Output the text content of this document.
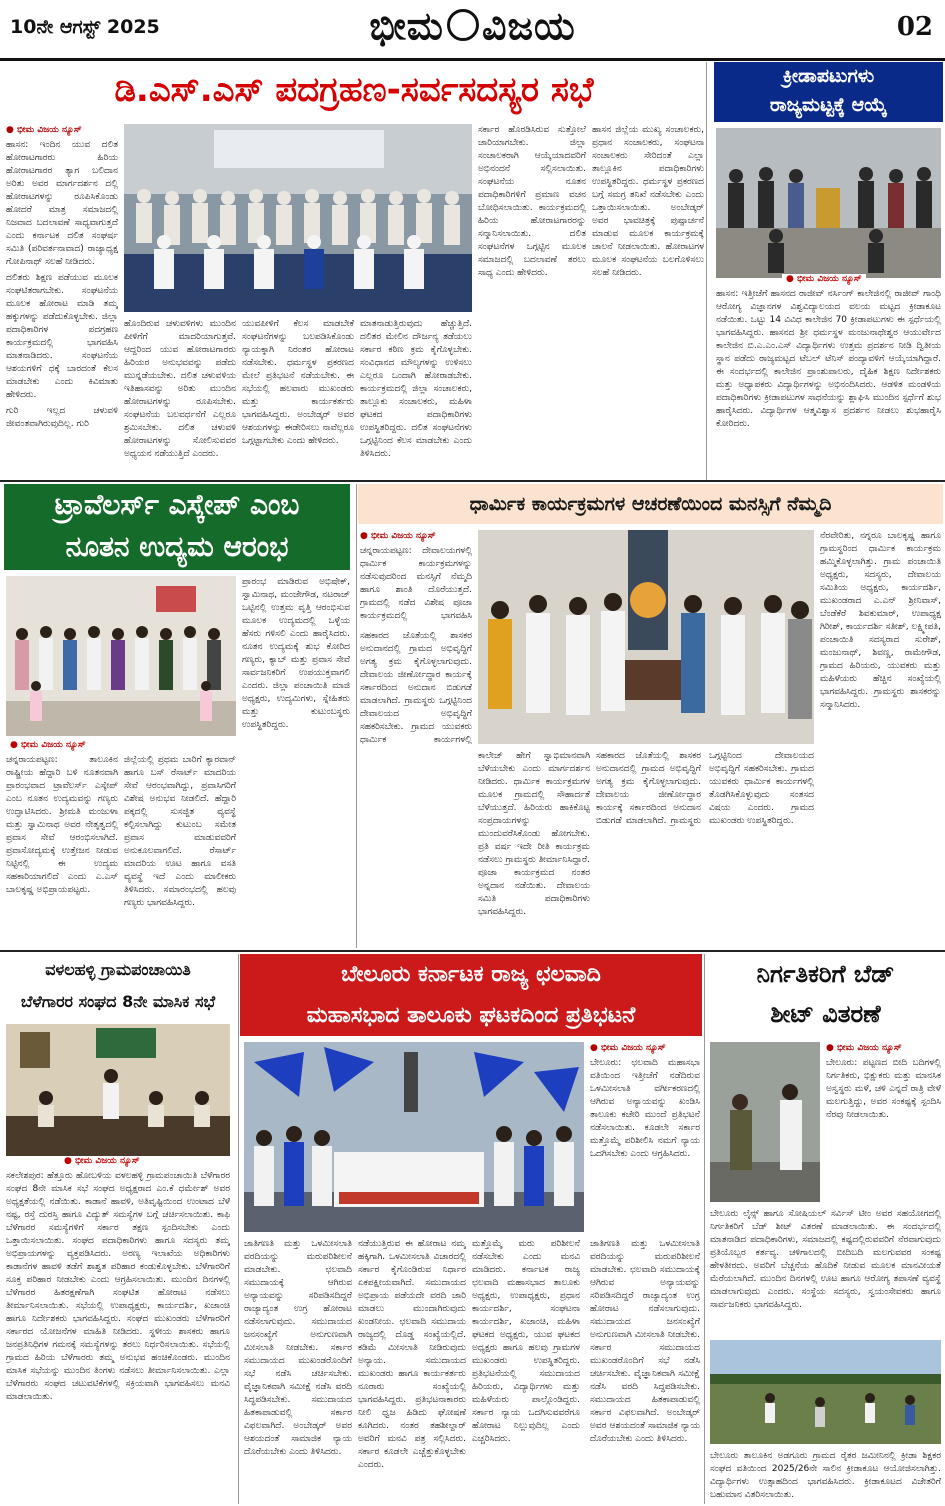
10ನೇ ಆಗಸ್ಟ್ 2025	ಭೀಮ ವಿಜಯ	02
ಡಿ.ಎಸ್.ಎಸ್ ಪದಗ್ರಹಣ-ಸರ್ವಸದಸ್ಯರ ಸಭೆ
● ಭೀಮ ವಿಜಯ ನ್ಯೂಸ್

ಹಾಸನ: ಇಂದಿನ ಯುವ ದಲಿತ ಹೋರಾಟಗಾರರು ಹಿರಿಯ ಹೋರಾಟಗಾರರ ತ್ಯಾಗ ಬಲಿದಾನ ಅರಿತು ಅವರ ಮಾರ್ಗದರ್ಶನ ದಲ್ಲಿ ಹೋರಾಟಗಳನ್ನು ರೂಪಿಸಿಕೊಂಡು ಹೋದರೆ ಮಾತ್ರ ಸಮಾಜದಲ್ಲಿ ನಿಜವಾದ ಬದಲಾವಣೆ ಸಾಧ್ಯವಾಗುತ್ತದೆ ಎಂದು ಕರ್ನಾಟಕ ದಲಿತ ಸಂಘರ್ಷ ಸಮಿತಿ (ಪರಿವರ್ತನಾವಾದ) ರಾಜ್ಯಾಧ್ಯಕ್ಷ ಗೋಪಿನಾಥ್ ಸಲಹೆ ನೀಡಿದರು.

ದಲಿತರು ಶಿಕ್ಷಣ ಪಡೆಯುವ ಮೂಲಕ ಸಂಘಟಿತರಾಗಬೇಕು. ಸಂಘಟನೆಯ ಮೂಲಕ ಹೋರಾಟ ಮಾಡಿ ತಮ್ಮ ಹಕ್ಕುಗಳನ್ನು ಪಡೆದುಕೊಳ್ಳಬೇಕು. ಜಿಲ್ಲಾ ಪದಾಧಿಕಾರಿಗಳ ಪದಗ್ರಹಣ ಕಾರ್ಯಕ್ರಮದಲ್ಲಿ ಭಾಗವಹಿಸಿ ಮಾತನಾಡಿದರು. ಸಂಘಟನೆಯ ಆಶಯಗಳಿಗೆ ಧಕ್ಕೆ ಬಾರದಂತೆ ಕೆಲಸ ಮಾಡಬೇಕು ಎಂದು ಕಿವಿಮಾತು ಹೇಳಿದರು.

ಗುರಿ ಇಲ್ಲದ ಚಳುವಳಿ ಜೀವಂತವಾಗಿರುವುದಿಲ್ಲ. ಗುರಿ

ಸರ್ಕಾರ ಹೊರಡಿಸಿರುವ ಸುತ್ತೋಲೆ ಜಾರಿಯಾಗಬೇಕು. ಜಿಲ್ಲಾ ಸಂಚಾಲಕರಾಗಿ ಆಯ್ಕೆಯಾದವರಿಗೆ ಅಭಿನಂದನೆ ಸಲ್ಲಿಸಲಾಯಿತು. ಸಂಘಟನೆಯ ನೂತನ ಪದಾಧಿಕಾರಿಗಳಿಗೆ ಪ್ರಮಾಣ ವಚನ ಬೋಧಿಸಲಾಯಿತು. ಕಾರ್ಯಕ್ರಮದಲ್ಲಿ ಹಿರಿಯ ಹೋರಾಟಗಾರರನ್ನು ಸನ್ಮಾನಿಸಲಾಯಿತು. ದಲಿತ ಸಂಘಟನೆಗಳ ಒಗ್ಗಟ್ಟಿನ ಮೂಲಕ ಸಮಾಜದಲ್ಲಿ ಬದಲಾವಣೆ ತರಲು ಸಾಧ್ಯ ಎಂದು ಹೇಳಿದರು.

ಹಾಸನ ಜಿಲ್ಲೆಯ ಮುಖ್ಯ ಸಂಚಾಲಕರು, ಪ್ರಧಾನ ಸಂಚಾಲಕರು, ಸಂಘಟನಾ ಸಂಚಾಲಕರು ಸೇರಿದಂತೆ ಎಲ್ಲಾ ತಾಲ್ಲೂಕಿನ ಪದಾಧಿಕಾರಿಗಳು ಉಪಸ್ಥಿತರಿದ್ದರು. ಧರ್ಮಸ್ಥಳ ಪ್ರಕರಣದ ಬಗ್ಗೆ ಸಮಗ್ರ ತನಿಖೆ ನಡೆಸಬೇಕು ಎಂದು ಒತ್ತಾಯಿಸಲಾಯಿತು. ಅಂಬೇಡ್ಕರ್ ಅವರ ಭಾವಚಿತ್ರಕ್ಕೆ ಪುಷ್ಪಾರ್ಚನೆ ಮಾಡುವ ಮೂಲಕ ಕಾರ್ಯಕ್ರಮಕ್ಕೆ ಚಾಲನೆ ನೀಡಲಾಯಿತು. ಹೋರಾಟಗಳ ಮೂಲಕ ಸಂಘಟನೆಯ ಬಲಗೊಳಿಸಲು ಸಲಹೆ ನೀಡಿದರು.

ಹೊಂದಿರುವ ಚಳುವಳಿಗಳು ಮುಂದಿನ ಪೀಳಿಗೆಗೆ ಮಾದರಿಯಾಗುತ್ತವೆ. ಆದ್ದರಿಂದ ಯುವ ಹೋರಾಟಗಾರರು ಹಿರಿಯರ ಅನುಭವವನ್ನು ಪಡೆದು ಮುನ್ನಡೆಯಬೇಕು. ದಲಿತ ಚಳುವಳಿಯ ಇತಿಹಾಸವನ್ನು ಅರಿತು ಮುಂದಿನ ಹೋರಾಟಗಳನ್ನು ರೂಪಿಸಬೇಕು. ಸಂಘಟನೆಯ ಬಲವರ್ಧನೆಗೆ ಎಲ್ಲರೂ ಶ್ರಮಿಸಬೇಕು. ದಲಿತ ಚಳುವಳಿ ಹೋರಾಟಗಳನ್ನು ಸೋಲಿಸುವವರ ಅಧ್ಯಯನ ನಡೆಯುತ್ತಿದೆ ಎಂದರು.

ಯುವಪೀಳಿಗೆ ಕೆಲಸ ಮಾಡಬೇಕೆ ಸಂಘಟನೆಗಳನ್ನು ಬಲಪಡಿಸಿಕೊಂಡು ನ್ಯಾಯಕ್ಕಾಗಿ ನಿರಂತರ ಹೋರಾಟ ನಡೆಸಬೇಕು. ಧರ್ಮಸ್ಥಳ ಪ್ರಕರಣದ ಮೇಲೆ ಪ್ರತಿಭಟನೆ ನಡೆಯಬೇಕು. ಈ ಸಭೆಯಲ್ಲಿ ಹಲವಾರು ಮುಖಂಡರು ಮತ್ತು ಕಾರ್ಯಕರ್ತರು ಭಾಗವಹಿಸಿದ್ದರು. ಅಂಬೇಡ್ಕರ್ ಅವರ ಆಶಯಗಳನ್ನು ಈಡೇರಿಸಲು ನಾವೆಲ್ಲರೂ ಒಗ್ಗಟ್ಟಾಗಬೇಕು ಎಂದು ಹೇಳಿದರು.

ಮಾತನಾಡುತ್ತಿರುವುದು ಹೆಚ್ಚುತ್ತಿದೆ. ದಲಿತರ ಮೇಲಿನ ದೌರ್ಜನ್ಯ ತಡೆಯಲು ಸರ್ಕಾರ ಕಠಿಣ ಕ್ರಮ ಕೈಗೊಳ್ಳಬೇಕು. ಸಂವಿಧಾನದ ಮೌಲ್ಯಗಳನ್ನು ಉಳಿಸಲು ಎಲ್ಲರೂ ಒಂದಾಗಿ ಹೋರಾಡಬೇಕು. ಕಾರ್ಯಕ್ರಮದಲ್ಲಿ ಜಿಲ್ಲಾ ಸಂಚಾಲಕರು, ತಾಲ್ಲೂಕು ಸಂಚಾಲಕರು, ಮಹಿಳಾ ಘಟಕದ ಪದಾಧಿಕಾರಿಗಳು ಉಪಸ್ಥಿತರಿದ್ದರು. ದಲಿತ ಸಂಘಟನೆಗಳು ಒಗ್ಗಟ್ಟಿನಿಂದ ಕೆಲಸ ಮಾಡಬೇಕು ಎಂದು ತಿಳಿಸಿದರು.

ಕ್ರೀಡಾಪಟುಗಳು
ರಾಜ್ಯಮಟ್ಟಕ್ಕೆ ಆಯ್ಕೆ
● ಭೀಮ ವಿಜಯ ನ್ಯೂಸ್

ಹಾಸನ: ಇತ್ತೀಚೆಗೆ ಹಾಸನದ ರಾಜೀವ್ ನರ್ಸಿಂಗ್ ಕಾಲೇಜಿನಲ್ಲಿ ರಾಜೀವ್ ಗಾಂಧಿ ಆರೋಗ್ಯ ವಿಜ್ಞಾನಗಳ ವಿಶ್ವವಿದ್ಯಾಲಯದ ವಲಯ ಮಟ್ಟದ ಕ್ರೀಡಾಕೂಟ ನಡೆಯಿತು. ಒಟ್ಟು 14 ವಿವಿಧ ಕಾಲೇಜಿನ 70 ಕ್ರೀಡಾಪಟುಗಳು ಈ ಸ್ಪರ್ಧೆಯಲ್ಲಿ ಭಾಗವಹಿಸಿದ್ದರು. ಹಾಸನದ ಶ್ರೀ ಧರ್ಮಸ್ಥಳ ಮಂಜುನಾಥೇಶ್ವರ ಆಯುರ್ವೇದ ಕಾಲೇಜಿನ ಬಿ.ಎ.ಎಂ.ಎಸ್ ವಿದ್ಯಾರ್ಥಿಗಳು ಉತ್ತಮ ಪ್ರದರ್ಶನ ನೀಡಿ ದ್ವಿತೀಯ ಸ್ಥಾನ ಪಡೆದು ರಾಜ್ಯಮಟ್ಟದ ಟೆಬಲ್ ಟೆನಿಸ್ ಪಂದ್ಯಾವಳಿಗೆ ಆಯ್ಕೆಯಾಗಿದ್ದಾರೆ. ಈ ಸಂದರ್ಭದಲ್ಲಿ ಕಾಲೇಜಿನ ಪ್ರಾಂಶುಪಾಲರು, ದೈಹಿಕ ಶಿಕ್ಷಣ ನಿರ್ದೇಶಕರು ಮತ್ತು ಅಧ್ಯಾಪಕರು ವಿದ್ಯಾರ್ಥಿಗಳನ್ನು ಅಭಿನಂದಿಸಿದರು. ಆಡಳಿತ ಮಂಡಳಿಯ ಪದಾಧಿಕಾರಿಗಳು ಕ್ರೀಡಾಪಟುಗಳ ಸಾಧನೆಯನ್ನು ಶ್ಲಾಘಿಸಿ ಮುಂದಿನ ಸ್ಪರ್ಧೆಗೆ ಶುಭ ಹಾರೈಸಿದರು. ವಿದ್ಯಾರ್ಥಿಗಳ ಆತ್ಮವಿಶ್ವಾಸ ಪ್ರದರ್ಶನ ನೀಡಲು ಶುಭಹಾರೈಸಿ ಕೋರಿದರು.

ಟ್ರಾವೆಲರ್ಸ್ ಎಸ್ಕೇಪ್ ಎಂಬ
ನೂತನ ಉದ್ಯಮ ಆರಂಭ

ಪ್ರಾರಂಭ ಮಾಡಿರುವ ಅಭಿಷೇಕ್, ಸ್ವಾಮಿನಾಥ, ಮಂಜೇಗೌಡ, ನಟರಾಜ್ ಒಟ್ಟಿನಲ್ಲಿ ಉತ್ತಮ ವೃತ್ತಿ ಆರಂಭಿಸುವ ಮೂಲಕ ಉದ್ಯಮದಲ್ಲಿ ಒಳ್ಳೆಯ ಹೆಸರು ಗಳಿಸಲಿ ಎಂದು ಹಾರೈಸಿದರು. ನೂತನ ಉದ್ಯಮಕ್ಕೆ ಶುಭ ಕೋರಿದ ಗಣ್ಯರು, ಕ್ಯಾಬ್ ಮತ್ತು ಪ್ರವಾಸ ಸೇವೆ ಸಾರ್ವಜನಿಕರಿಗೆ ಉಪಯುಕ್ತವಾಗಲಿ ಎಂದರು. ಜಿಲ್ಲಾ ಪಂಚಾಯಿತಿ ಮಾಜಿ ಅಧ್ಯಕ್ಷರು, ಉದ್ಯಮಿಗಳು, ಸ್ನೇಹಿತರು ಮತ್ತು ಕುಟುಂಬಸ್ಥರು ಉಪಸ್ಥಿತರಿದ್ದರು.

● ಭೀಮ ವಿಜಯ ನ್ಯೂಸ್

ಚನ್ನರಾಯಪಟ್ಟಣ: ತಾಲೂಕಿನ ರಾಷ್ಟ್ರೀಯ ಹೆದ್ದಾರಿ ಬಳಿ ನೂತನವಾಗಿ ಪ್ರಾರಂಭವಾದ ಟ್ರಾವೆಲರ್ಸ್ ಎಸ್ಕೇಪ್ ಎಂಬ ನೂತನ ಉದ್ಯಮವನ್ನು ಗಣ್ಯರು ಉದ್ಘಾಟಿಸಿದರು. ಶ್ರೀಮತಿ ಮಂಜುಳಾ ಮತ್ತು ಸ್ವಾಮಿನಾಥ ಅವರ ನೇತೃತ್ವದಲ್ಲಿ ಪ್ರವಾಸ ಸೇವೆ ಆರಂಭಿಸಲಾಗಿದೆ. ಪ್ರವಾಸೋದ್ಯಮಕ್ಕೆ ಉತ್ತೇಜನ ನೀಡುವ ನಿಟ್ಟಿನಲ್ಲಿ ಈ ಉದ್ಯಮ ಸಹಕಾರಿಯಾಗಲಿದೆ ಎಂದು ಎ.ಎಸ್ ಬಾಲಕೃಷ್ಣ ಅಭಿಪ್ರಾಯಪಟ್ಟರು.

ಜಿಲ್ಲೆಯಲ್ಲಿ ಪ್ರಥಮ ಬಾರಿಗೆ ಕ್ಯಾರವಾನ್ ಹಾಗೂ ಬಸ್ ರೆಸಾರ್ಟ್ ಮಾದರಿಯ ಸೇವೆ ಆರಂಭವಾಗಿದ್ದು, ಪ್ರವಾಸಿಗರಿಗೆ ವಿಶೇಷ ಅನುಭವ ನೀಡಲಿದೆ. ಹೆದ್ದಾರಿ ಪಕ್ಕದಲ್ಲಿ ಸುಸಜ್ಜಿತ ವ್ಯವಸ್ಥೆ ಕಲ್ಪಿಸಲಾಗಿದ್ದು ಕುಟುಂಬ ಸಮೇತ ಪ್ರವಾಸ ಮಾಡುವವರಿಗೆ ಅನುಕೂಲವಾಗಲಿದೆ. ರೆಸಾರ್ಟ್ ಮಾದರಿಯ ಊಟ ಹಾಗೂ ವಸತಿ ವ್ಯವಸ್ಥೆ ಇದೆ ಎಂದು ಮಾಲೀಕರು ತಿಳಿಸಿದರು. ಸಮಾರಂಭದಲ್ಲಿ ಹಲವು ಗಣ್ಯರು ಭಾಗವಹಿಸಿದ್ದರು.

ಧಾರ್ಮಿಕ ಕಾರ್ಯಕ್ರಮಗಳ ಆಚರಣೆಯಿಂದ ಮನಸ್ಸಿಗೆ ನೆಮ್ಮದಿ
● ಭೀಮ ವಿಜಯ ನ್ಯೂಸ್

ಚನ್ನರಾಯಪಟ್ಟಣ: ದೇವಾಲಯಗಳಲ್ಲಿ ಧಾರ್ಮಿಕ ಕಾರ್ಯಕ್ರಮಗಳನ್ನು ನಡೆಸುವುದರಿಂದ ಮನಸ್ಸಿಗೆ ನೆಮ್ಮದಿ ಹಾಗೂ ಶಾಂತಿ ದೊರೆಯುತ್ತದೆ. ಗ್ರಾಮದಲ್ಲಿ ನಡೆದ ವಿಶೇಷ ಪೂಜಾ ಕಾರ್ಯಕ್ರಮದಲ್ಲಿ ಭಾಗವಹಿಸಿ

ಸಹಕಾರದ ಜೊತೆಯಲ್ಲಿ ಶಾಸಕರ ಅನುದಾನದಲ್ಲಿ ಗ್ರಾಮದ ಅಭಿವೃದ್ಧಿಗೆ ಅಗತ್ಯ ಕ್ರಮ ಕೈಗೊಳ್ಳಲಾಗುವುದು. ದೇವಾಲಯ ಜೀರ್ಣೋದ್ಧಾರ ಕಾರ್ಯಕ್ಕೆ ಸರ್ಕಾರದಿಂದ ಅನುದಾನ ಬಿಡುಗಡೆ ಮಾಡಲಾಗಿದೆ. ಗ್ರಾಮಸ್ಥರು ಒಗ್ಗಟ್ಟಿನಿಂದ ದೇವಾಲಯದ ಅಭಿವೃದ್ಧಿಗೆ ಸಹಕರಿಸಬೇಕು. ಗ್ರಾಮದ ಯುವಕರು ಧಾರ್ಮಿಕ ಕಾರ್ಯಗಳಲ್ಲಿ

ಕಾಲೇಜ್ ಹೇಗೆ ಸ್ವಾಭಿಮಾನವಾಗಿ ಬೆಳೆಯಬೇಕು ಎಂದು ಮಾರ್ಗದರ್ಶನ ನೀಡಿದರು. ಧಾರ್ಮಿಕ ಕಾರ್ಯಕ್ರಮಗಳ ಮೂಲಕ ಗ್ರಾಮದಲ್ಲಿ ಸೌಹಾರ್ದತೆ ಬೆಳೆಯುತ್ತದೆ. ಹಿರಿಯರು ಹಾಕಿಕೊಟ್ಟ ಸಂಪ್ರದಾಯಗಳನ್ನು ಮುಂದುವರೆಸಿಕೊಂಡು ಹೋಗಬೇಕು. ಪ್ರತಿ ವರ್ಷ ಇದೇ ರೀತಿ ಕಾರ್ಯಕ್ರಮ ನಡೆಸಲು ಗ್ರಾಮಸ್ಥರು ತೀರ್ಮಾನಿಸಿದ್ದಾರೆ. ಪೂಜಾ ಕಾರ್ಯಕ್ರಮದ ನಂತರ ಅನ್ನದಾನ ನಡೆಯಿತು. ದೇವಾಲಯ ಸಮಿತಿ ಪದಾಧಿಕಾರಿಗಳು ಭಾಗವಹಿಸಿದ್ದರು.

ಸಹಕಾರದ ಜೊತೆಯಲ್ಲಿ ಶಾಸಕರ ಅನುದಾನದಲ್ಲಿ ಗ್ರಾಮದ ಅಭಿವೃದ್ಧಿಗೆ ಅಗತ್ಯ ಕ್ರಮ ಕೈಗೊಳ್ಳಲಾಗುವುದು. ದೇವಾಲಯ ಜೀರ್ಣೋದ್ಧಾರ ಕಾರ್ಯಕ್ಕೆ ಸರ್ಕಾರದಿಂದ ಅನುದಾನ ಬಿಡುಗಡೆ ಮಾಡಲಾಗಿದೆ. ಗ್ರಾಮಸ್ಥರು ಒಗ್ಗಟ್ಟಿನಿಂದ ದೇವಾಲಯದ ಅಭಿವೃದ್ಧಿಗೆ ಸಹಕರಿಸಬೇಕು. ಗ್ರಾಮದ ಯುವಕರು ಧಾರ್ಮಿಕ ಕಾರ್ಯಗಳಲ್ಲಿ ತೊಡಗಿಸಿಕೊಳ್ಳುವುದು ಸಂತಸದ ವಿಷಯ ಎಂದರು. ಗ್ರಾಮದ ಮುಖಂಡರು ಉಪಸ್ಥಿತರಿದ್ದರು.

ನೆರವೇರಿತು, ನಗ್ನರೂ ಬಾಲಕೃಷ್ಣ ಹಾಗೂ ಗ್ರಾಮಸ್ಥರಿಂದ ಧಾರ್ಮಿಕ ಕಾರ್ಯಕ್ರಮ ಹಮ್ಮಿಕೊಳ್ಳಲಾಗಿತ್ತು. ಗ್ರಾಮ ಪಂಚಾಯಿತಿ ಅಧ್ಯಕ್ಷರು, ಸದಸ್ಯರು, ದೇವಾಲಯ ಸಮಿತಿಯ ಅಧ್ಯಕ್ಷರು, ಕಾರ್ಯದರ್ಶಿ, ಮುಖಂಡರಾದ ಎ.ಎನ್ ಶ್ರೀನಿವಾಸ್, ಬೆಂಡೆಕೆರೆ ಶಿವಕುಮಾರ್, ಉಪಾಧ್ಯಕ್ಷ ಗಿರೀಶ್, ಕಾರ್ಯದರ್ಶಿ ಸತೀಶ್, ಲಕ್ಷ್ಮೀಪತಿ, ಪಂಚಾಯಿತಿ ಸದಸ್ಯರಾದ ಸುರೇಶ್, ಮಂಜುನಾಥ್, ಶಿವಣ್ಣ, ರಾಮೇಗೌಡ, ಗ್ರಾಮದ ಹಿರಿಯರು, ಯುವಕರು ಮತ್ತು ಮಹಿಳೆಯರು ಹೆಚ್ಚಿನ ಸಂಖ್ಯೆಯಲ್ಲಿ ಭಾಗವಹಿಸಿದ್ದರು. ಗ್ರಾಮಸ್ಥರು ಶಾಸಕರನ್ನು ಸನ್ಮಾನಿಸಿದರು.

ವಳಲಹಳ್ಳಿ ಗ್ರಾಮಪಂಚಾಯಿತಿ
ಬೆಳೆಗಾರರ ಸಂಘದ 8ನೇ ಮಾಸಿಕ ಸಭೆ
● ಭೀಮ ವಿಜಯ ನ್ಯೂಸ್

ಸಕಲೇಶಪುರ: ಹೆತ್ತೂರು ಹೋಬಳಿಯ ವಳಲಹಳ್ಳಿ ಗ್ರಾಮಪಂಚಾಯಿತಿ ಬೆಳೆಗಾರರ ಸಂಘದ 8ನೇ ಮಾಸಿಕ ಸಭೆ ಸಂಘದ ಅಧ್ಯಕ್ಷರಾದ ಎಂ.ಕೆ ಧರ್ಮೇಶ್ ಅವರ ಅಧ್ಯಕ್ಷತೆಯಲ್ಲಿ ನಡೆಯಿತು. ಕಾಡಾನೆ ಹಾವಳಿ, ಅತಿವೃಷ್ಟಿಯಿಂದ ಉಂಟಾದ ಬೆಳೆ ನಷ್ಟ, ರಸ್ತೆ ದುರಸ್ತಿ ಹಾಗೂ ವಿದ್ಯುತ್ ಸಮಸ್ಯೆಗಳ ಬಗ್ಗೆ ಚರ್ಚಿಸಲಾಯಿತು. ಕಾಫಿ ಬೆಳೆಗಾರರ ಸಮಸ್ಯೆಗಳಿಗೆ ಸರ್ಕಾರ ತಕ್ಷಣ ಸ್ಪಂದಿಸಬೇಕು ಎಂದು ಒತ್ತಾಯಿಸಲಾಯಿತು. ಸಂಘದ ಪದಾಧಿಕಾರಿಗಳು ಹಾಗೂ ಸದಸ್ಯರು ತಮ್ಮ ಅಭಿಪ್ರಾಯಗಳನ್ನು ವ್ಯಕ್ತಪಡಿಸಿದರು. ಅರಣ್ಯ ಇಲಾಖೆಯ ಅಧಿಕಾರಿಗಳು ಕಾಡಾನೆಗಳ ಹಾವಳಿ ತಡೆಗೆ ಶಾಶ್ವತ ಪರಿಹಾರ ಕಂಡುಕೊಳ್ಳಬೇಕು. ಬೆಳೆಗಾರರಿಗೆ ಸೂಕ್ತ ಪರಿಹಾರ ನೀಡಬೇಕು ಎಂದು ಆಗ್ರಹಿಸಲಾಯಿತು. ಮುಂದಿನ ದಿನಗಳಲ್ಲಿ ಬೆಳೆಗಾರರ ಹಿತರಕ್ಷಣೆಗಾಗಿ ಸಂಘಟಿತ ಹೋರಾಟ ನಡೆಸಲು ತೀರ್ಮಾನಿಸಲಾಯಿತು. ಸಭೆಯಲ್ಲಿ ಉಪಾಧ್ಯಕ್ಷರು, ಕಾರ್ಯದರ್ಶಿ, ಖಜಾಂಚಿ ಹಾಗೂ ನಿರ್ದೇಶಕರು ಭಾಗವಹಿಸಿದ್ದರು. ಸಂಘದ ಮುಖಂಡರು ಬೆಳೆಗಾರರಿಗೆ ಸರ್ಕಾರದ ಯೋಜನೆಗಳ ಮಾಹಿತಿ ನೀಡಿದರು. ಸ್ಥಳೀಯ ಶಾಸಕರು ಹಾಗೂ ಜನಪ್ರತಿನಿಧಿಗಳ ಗಮನಕ್ಕೆ ಸಮಸ್ಯೆಗಳನ್ನು ತರಲು ನಿರ್ಧರಿಸಲಾಯಿತು. ಸಭೆಯಲ್ಲಿ ಗ್ರಾಮದ ಹಿರಿಯ ಬೆಳೆಗಾರರು ತಮ್ಮ ಅನುಭವ ಹಂಚಿಕೊಂಡರು. ಮುಂದಿನ ಮಾಸಿಕ ಸಭೆಯನ್ನು ಮುಂದಿನ ತಿಂಗಳು ನಡೆಸಲು ತೀರ್ಮಾನಿಸಲಾಯಿತು. ಎಲ್ಲಾ ಬೆಳೆಗಾರರು ಸಂಘದ ಚಟುವಟಿಕೆಗಳಲ್ಲಿ ಸಕ್ರಿಯವಾಗಿ ಭಾಗವಹಿಸಲು ಮನವಿ ಮಾಡಲಾಯಿತು.

ಬೇಲೂರು ಕರ್ನಾಟಕ ರಾಜ್ಯ ಛಲವಾದಿ
ಮಹಾಸಭಾದ ತಾಲೂಕು ಘಟಕದಿಂದ ಪ್ರತಿಭಟನೆ
● ಭೀಮ ವಿಜಯ ನ್ಯೂಸ್

ಬೇಲೂರು: ಛಲವಾದಿ ಮಹಾಸಭಾ ವತಿಯಿಂದ ಇತ್ತೀಚೆಗೆ ನಡೆದಿರುವ ಒಳಮೀಸಲಾತಿ ವರ್ಗೀಕರಣದಲ್ಲಿ ಆಗಿರುವ ಅನ್ಯಾಯವನ್ನು ಖಂಡಿಸಿ ತಾಲೂಕು ಕಚೇರಿ ಮುಂದೆ ಪ್ರತಿಭಟನೆ ನಡೆಸಲಾಯಿತು. ಕೂಡಲೇ ಸರ್ಕಾರ ಮತ್ತೊಮ್ಮೆ ಪರಿಶೀಲಿಸಿ ನಮಗೆ ನ್ಯಾಯ ಒದಗಿಸಬೇಕು ಎಂದು ಆಗ್ರಹಿಸಿದರು.

ಜಾತಿಗಣತಿ ಮತ್ತು ಒಳಮೀಸಲಾತಿ ವರದಿಯನ್ನು ಮರುಪರಿಶೀಲನೆ ಮಾಡಬೇಕು. ಛಲವಾದಿ ಸಮುದಾಯಕ್ಕೆ ಆಗಿರುವ ಅನ್ಯಾಯವನ್ನು ಸರಿಪಡಿಸದಿದ್ದರೆ ರಾಜ್ಯಾದ್ಯಂತ ಉಗ್ರ ಹೋರಾಟ ನಡೆಸಲಾಗುವುದು. ಸಮುದಾಯದ ಜನಸಂಖ್ಯೆಗೆ ಅನುಗುಣವಾಗಿ ಮೀಸಲಾತಿ ನೀಡಬೇಕು. ಸರ್ಕಾರ ಸಮುದಾಯದ ಮುಖಂಡರೊಂದಿಗೆ ಸಭೆ ನಡೆಸಿ ಚರ್ಚಿಸಬೇಕು. ವೈಜ್ಞಾನಿಕವಾಗಿ ಸಮೀಕ್ಷೆ ನಡೆಸಿ ವರದಿ ಸಿದ್ಧಪಡಿಸಬೇಕು. ಸಮುದಾಯದ ಹಿತಕಾಪಾಡುವಲ್ಲಿ ಸರ್ಕಾರ ವಿಫಲವಾಗಿದೆ. ಅಂಬೇಡ್ಕರ್ ಅವರ ಆಶಯದಂತೆ ಸಾಮಾಜಿಕ ನ್ಯಾಯ ದೊರೆಯಬೇಕು ಎಂದು ತಿಳಿಸಿದರು.

ನಡೆಯುತ್ತಿರುವ ಈ ಹೋರಾಟ ನಮ್ಮ ಹಕ್ಕಿಗಾಗಿ. ಒಳಮೀಸಲಾತಿ ವಿಚಾರದಲ್ಲಿ ಸರ್ಕಾರ ಕೈಗೊಂಡಿರುವ ನಿರ್ಧಾರ ಏಕಪಕ್ಷೀಯವಾಗಿದೆ. ಸಮುದಾಯದ ಅಭಿಪ್ರಾಯ ಪಡೆಯದೇ ವರದಿ ಜಾರಿ ಮಾಡಲು ಮುಂದಾಗಿರುವುದು ಖಂಡನೀಯ. ಛಲವಾದಿ ಸಮುದಾಯ ರಾಜ್ಯದಲ್ಲಿ ದೊಡ್ಡ ಸಂಖ್ಯೆಯಲ್ಲಿದೆ. ಕಡಿಮೆ ಮೀಸಲಾತಿ ನೀಡಿರುವುದು ಅನ್ಯಾಯ. ಸಮುದಾಯದ ಮುಖಂಡರು ಹಾಗೂ ಕಾರ್ಯಕರ್ತರು ನೂರಾರು ಸಂಖ್ಯೆಯಲ್ಲಿ ಭಾಗವಹಿಸಿದ್ದರು. ಪ್ರತಿಭಟನಾಕಾರರು ನೀಲಿ ಧ್ವಜ ಹಿಡಿದು ಘೋಷಣೆ ಕೂಗಿದರು. ನಂತರ ತಹಶೀಲ್ದಾರ್ ಅವರಿಗೆ ಮನವಿ ಪತ್ರ ಸಲ್ಲಿಸಿದರು. ಸರ್ಕಾರ ಕೂಡಲೇ ಎಚ್ಚೆತ್ತುಕೊಳ್ಳಬೇಕು ಎಂದರು.

ಮತ್ತೊಮ್ಮೆ ಮರು ಪರಿಶೀಲನೆ ನಡೆಸಬೇಕು ಎಂದು ಮನವಿ ಮಾಡಿದರು. ಕರ್ನಾಟಕ ರಾಜ್ಯ ಛಲವಾದಿ ಮಹಾಸಭಾದ ತಾಲೂಕು ಅಧ್ಯಕ್ಷರು, ಉಪಾಧ್ಯಕ್ಷರು, ಪ್ರಧಾನ ಕಾರ್ಯದರ್ಶಿ, ಸಂಘಟನಾ ಕಾರ್ಯದರ್ಶಿ, ಖಜಾಂಚಿ, ಮಹಿಳಾ ಘಟಕದ ಅಧ್ಯಕ್ಷರು, ಯುವ ಘಟಕದ ಅಧ್ಯಕ್ಷರು ಹಾಗೂ ಹಲವು ಗ್ರಾಮಗಳ ಮುಖಂಡರು ಉಪಸ್ಥಿತರಿದ್ದರು. ಪ್ರತಿಭಟನೆಯಲ್ಲಿ ಸಮುದಾಯದ ಹಿರಿಯರು, ವಿದ್ಯಾರ್ಥಿಗಳು ಮತ್ತು ಮಹಿಳೆಯರು ಪಾಲ್ಗೊಂಡಿದ್ದರು. ಸರ್ಕಾರ ನ್ಯಾಯ ಒದಗಿಸುವವರೆಗೂ ಹೋರಾಟ ನಿಲ್ಲುವುದಿಲ್ಲ ಎಂದು ಎಚ್ಚರಿಸಿದರು.

ಜಾತಿಗಣತಿ ಮತ್ತು ಒಳಮೀಸಲಾತಿ ವರದಿಯನ್ನು ಮರುಪರಿಶೀಲನೆ ಮಾಡಬೇಕು. ಛಲವಾದಿ ಸಮುದಾಯಕ್ಕೆ ಆಗಿರುವ ಅನ್ಯಾಯವನ್ನು ಸರಿಪಡಿಸದಿದ್ದರೆ ರಾಜ್ಯಾದ್ಯಂತ ಉಗ್ರ ಹೋರಾಟ ನಡೆಸಲಾಗುವುದು. ಸಮುದಾಯದ ಜನಸಂಖ್ಯೆಗೆ ಅನುಗುಣವಾಗಿ ಮೀಸಲಾತಿ ನೀಡಬೇಕು. ಸರ್ಕಾರ ಸಮುದಾಯದ ಮುಖಂಡರೊಂದಿಗೆ ಸಭೆ ನಡೆಸಿ ಚರ್ಚಿಸಬೇಕು. ವೈಜ್ಞಾನಿಕವಾಗಿ ಸಮೀಕ್ಷೆ ನಡೆಸಿ ವರದಿ ಸಿದ್ಧಪಡಿಸಬೇಕು. ಸಮುದಾಯದ ಹಿತಕಾಪಾಡುವಲ್ಲಿ ಸರ್ಕಾರ ವಿಫಲವಾಗಿದೆ. ಅಂಬೇಡ್ಕರ್ ಅವರ ಆಶಯದಂತೆ ಸಾಮಾಜಿಕ ನ್ಯಾಯ ದೊರೆಯಬೇಕು ಎಂದು ತಿಳಿಸಿದರು.

ನಿರ್ಗತಿಕರಿಗೆ ಬೆಡ್
ಶೀಟ್ ವಿತರಣೆ
● ಭೀಮ ವಿಜಯ ನ್ಯೂಸ್

ಬೇಲೂರು: ಪಟ್ಟಣದ ಬೀದಿ ಬದಿಗಳಲ್ಲಿ ನಿರ್ಗತಿಕರು, ಭಿಕ್ಷುಕರು ಮತ್ತು ಮಾನಸಿಕ ಅಸ್ವಸ್ಥರು ಮಳೆ, ಚಳಿ ಎನ್ನದೆ ರಾತ್ರಿ ವೇಳೆ ಮಲಗುತ್ತಿದ್ದು, ಅವರ ಸಂಕಷ್ಟಕ್ಕೆ ಸ್ಪಂದಿಸಿ ನೆರವು ನೀಡಲಾಯಿತು.

ಬೇಲೂರು ಲೈನ್ಸ್ ಹಾಗೂ ಸೋಷಿಯಲ್ ಸರ್ವಿಸ್ ಟೀಂ ಅವರ ಸಹಯೋಗದಲ್ಲಿ ನಿರ್ಗತಿಕರಿಗೆ ಬೆಡ್ ಶೀಟ್ ವಿತರಣೆ ಮಾಡಲಾಯಿತು. ಈ ಸಂದರ್ಭದಲ್ಲಿ ಮಾತನಾಡಿದ ಪದಾಧಿಕಾರಿಗಳು, ಸಮಾಜದಲ್ಲಿ ಕಷ್ಟದಲ್ಲಿರುವವರಿಗೆ ನೆರವಾಗುವುದು ಪ್ರತಿಯೊಬ್ಬರ ಕರ್ತವ್ಯ. ಚಳಿಗಾಲದಲ್ಲಿ ಬೀದಿಬದಿ ಮಲಗುವವರ ಸಂಕಷ್ಟ ಹೇಳತೀರದು. ಅವರಿಗೆ ಬೆಚ್ಚನೆಯ ಹೊದಿಕೆ ನೀಡುವ ಮೂಲಕ ಮಾನವೀಯತೆ ಮೆರೆಯಲಾಗಿದೆ. ಮುಂದಿನ ದಿನಗಳಲ್ಲಿ ಊಟ ಹಾಗೂ ಆರೋಗ್ಯ ತಪಾಸಣೆ ವ್ಯವಸ್ಥೆ ಮಾಡಲಾಗುವುದು ಎಂದರು. ಸಂಸ್ಥೆಯ ಸದಸ್ಯರು, ಸ್ವಯಂಸೇವಕರು ಹಾಗೂ ಸಾರ್ವಜನಿಕರು ಭಾಗವಹಿಸಿದ್ದರು.

ಬೇಲೂರು ತಾಲೂಕಿನ ಅಡಗೂರು ಗ್ರಾಮದ ರೈತರ ಜಮೀನಿನಲ್ಲಿ ಕ್ರೀಡಾ ಶಿಕ್ಷಕರ ಸಂಘದ ವತಿಯಿಂದ 2025/26ನೇ ಸಾಲಿನ ಕ್ರೀಡಾಕೂಟ ಆಯೋಜಿಸಲಾಗಿತ್ತು. ವಿದ್ಯಾರ್ಥಿಗಳು ಉತ್ಸಾಹದಿಂದ ಭಾಗವಹಿಸಿದರು. ಕ್ರೀಡಾಕೂಟದ ವಿಜೇತರಿಗೆ ಬಹುಮಾನ ವಿತರಿಸಲಾಯಿತು.
